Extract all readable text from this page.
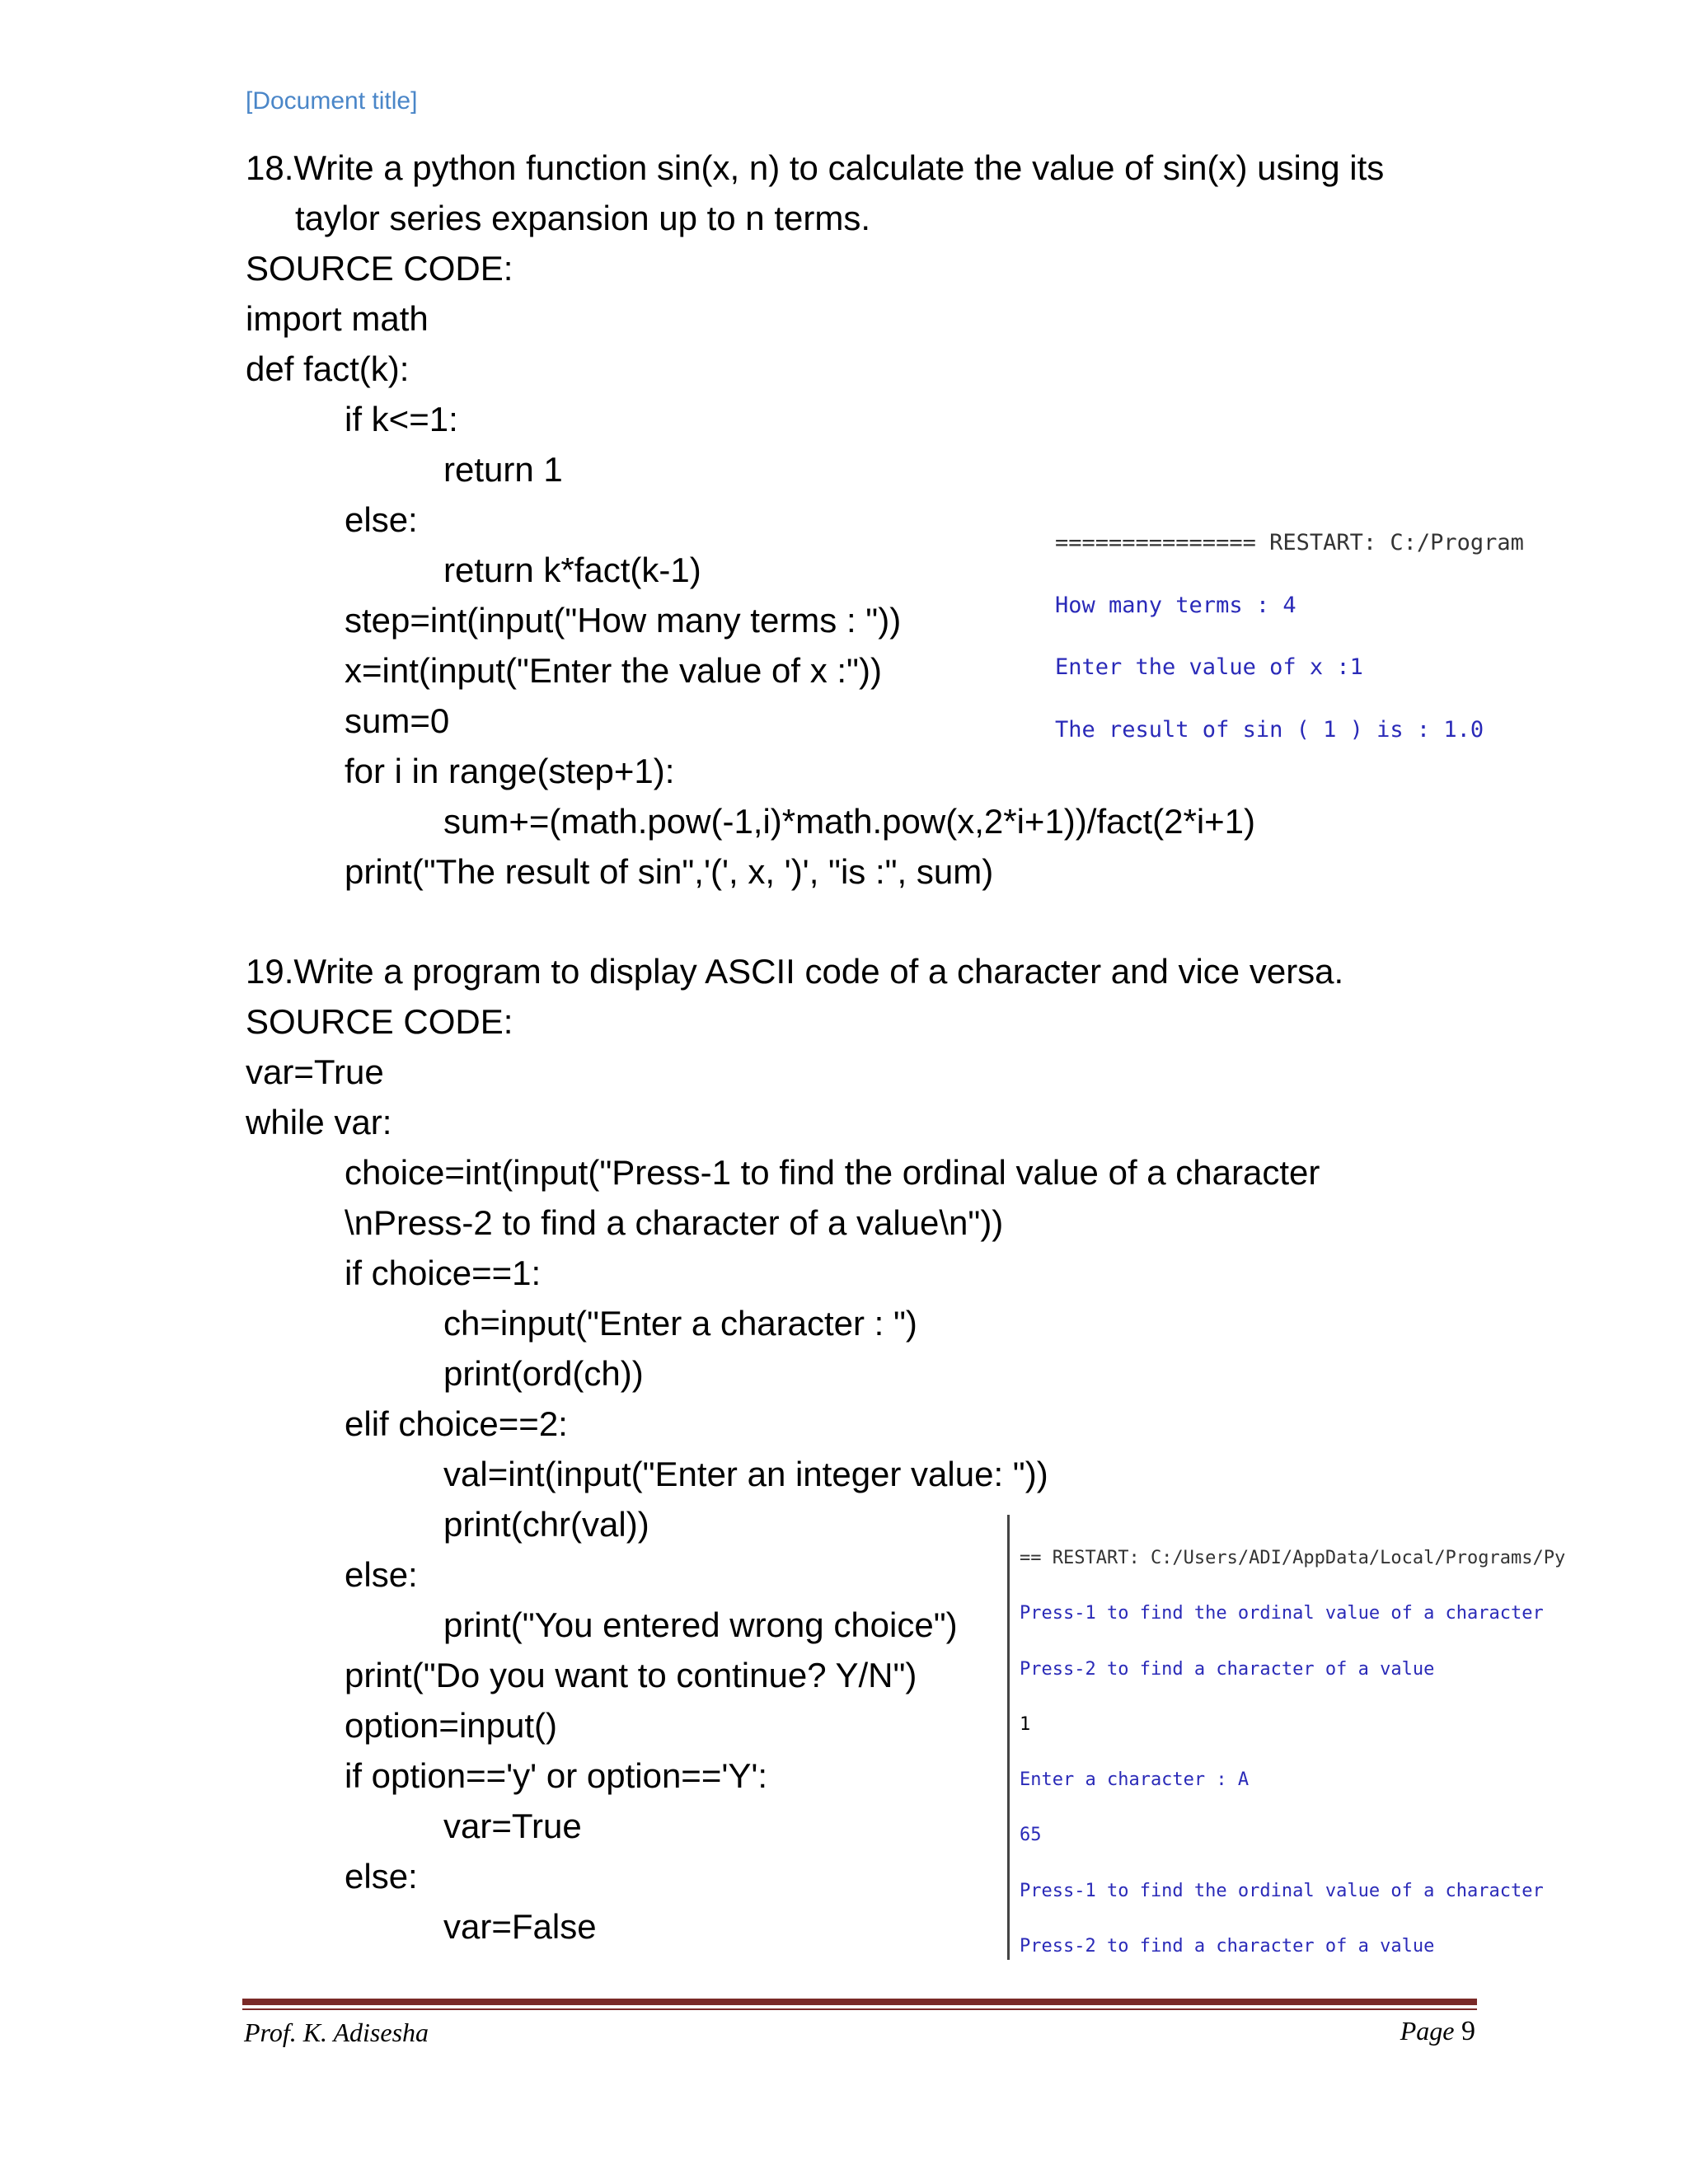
[Document title]
18.Write a python function sin(x, n) to calculate the value of sin(x) using its
taylor series expansion up to n terms.
SOURCE CODE:
import math
def fact(k):
if k<=1:
return 1
else:
return k*fact(k-1)
step=int(input("How many terms : "))
x=int(input("Enter the value of x :"))
sum=0
for i in range(step+1):
sum+=(math.pow(-1,i)*math.pow(x,2*i+1))/fact(2*i+1)
print("The result of sin",'(', x, ')', "is :", sum)

=============== RESTART: C:/Program

How many terms : 4

Enter the value of x :1

The result of sin ( 1 ) is : 1.0

19.Write a program to display ASCII code of a character and vice versa.
SOURCE CODE:
var=True
while var:
choice=int(input("Press-1 to find the ordinal value of a character
\nPress-2 to find a character of a value\n"))
if choice==1:
ch=input("Enter a character : ")
print(ord(ch))
elif choice==2:
val=int(input("Enter an integer value: "))
print(chr(val))
else:
print("You entered wrong choice")
print("Do you want to continue? Y/N")
option=input()
if option=='y' or option=='Y':
var=True
else:
var=False

== RESTART: C:/Users/ADI/AppData/Local/Programs/Py

Press-1 to find the ordinal value of a character

Press-2 to find a character of a value

1

Enter a character : A

65

Press-1 to find the ordinal value of a character

Press-2 to find a character of a value

Prof. K. Adisesha	Page 9
